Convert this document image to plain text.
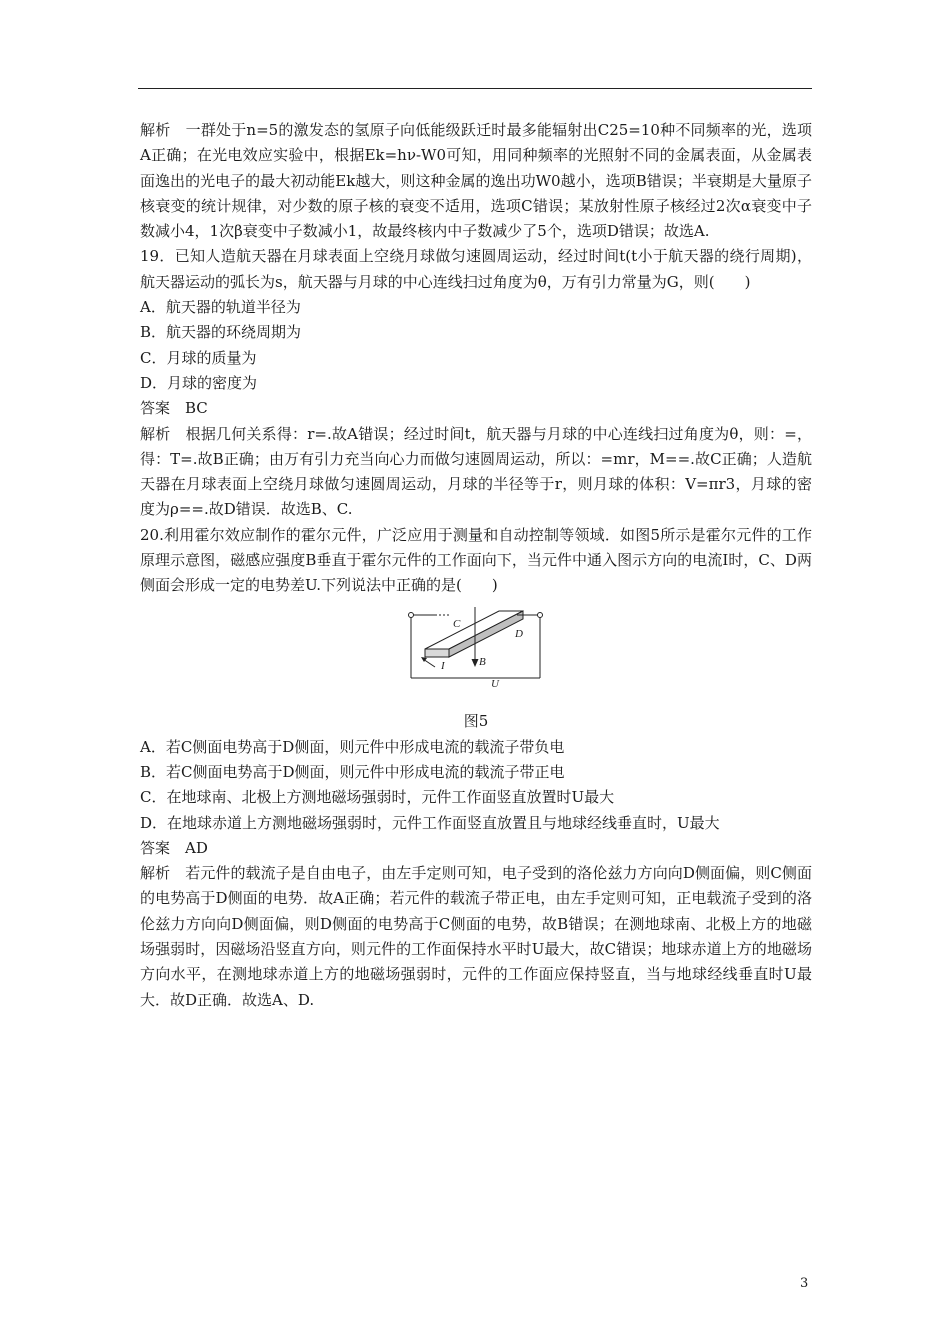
解析　一群处于n=5的激发态的氢原子向低能级跃迁时最多能辐射出C25=10种不同频率的光，选项A正确；在光电效应实验中，根据Ek=hν-W0可知，用同种频率的光照射不同的金属表面，从金属表面逸出的光电子的最大初动能Ek越大，则这种金属的逸出功W0越小，选项B错误；半衰期是大量原子核衰变的统计规律，对少数的原子核的衰变不适用，选项C错误；某放射性原子核经过2次α衰变中子数减小4，1次β衰变中子数减小1，故最终核内中子数减少了5个，选项D错误；故选A.

19．已知人造航天器在月球表面上空绕月球做匀速圆周运动，经过时间t(t小于航天器的绕行周期)，航天器运动的弧长为s，航天器与月球的中心连线扫过角度为θ，万有引力常量为G，则(　　)

A．航天器的轨道半径为

B．航天器的环绕周期为

C．月球的质量为

D．月球的密度为

答案　BC

解析　根据几何关系得：r=.故A错误；经过时间t，航天器与月球的中心连线扫过角度为θ，则：=，得：T=.故B正确；由万有引力充当向心力而做匀速圆周运动，所以：=mr，M==.故C正确；人造航天器在月球表面上空绕月球做匀速圆周运动，月球的半径等于r，则月球的体积：V=πr3，月球的密度为ρ==.故D错误．故选B、C.

20.利用霍尔效应制作的霍尔元件，广泛应用于测量和自动控制等领域．如图5所示是霍尔元件的工作原理示意图，磁感应强度B垂直于霍尔元件的工作面向下，当元件中通入图示方向的电流I时，C、D两侧面会形成一定的电势差U.下列说法中正确的是(　　)

C
D
B
I
U
图5

A．若C侧面电势高于D侧面，则元件中形成电流的载流子带负电

B．若C侧面电势高于D侧面，则元件中形成电流的载流子带正电

C．在地球南、北极上方测地磁场强弱时，元件工作面竖直放置时U最大

D．在地球赤道上方测地磁场强弱时，元件工作面竖直放置且与地球经线垂直时，U最大

答案　AD

解析　若元件的载流子是自由电子，由左手定则可知，电子受到的洛伦兹力方向向D侧面偏，则C侧面的电势高于D侧面的电势．故A正确；若元件的载流子带正电，由左手定则可知，正电载流子受到的洛伦兹力方向向D侧面偏，则D侧面的电势高于C侧面的电势，故B错误；在测地球南、北极上方的地磁场强弱时，因磁场沿竖直方向，则元件的工作面保持水平时U最大，故C错误；地球赤道上方的地磁场方向水平，在测地球赤道上方的地磁场强弱时，元件的工作面应保持竖直，当与地球经线垂直时U最大．故D正确．故选A、D.

3
